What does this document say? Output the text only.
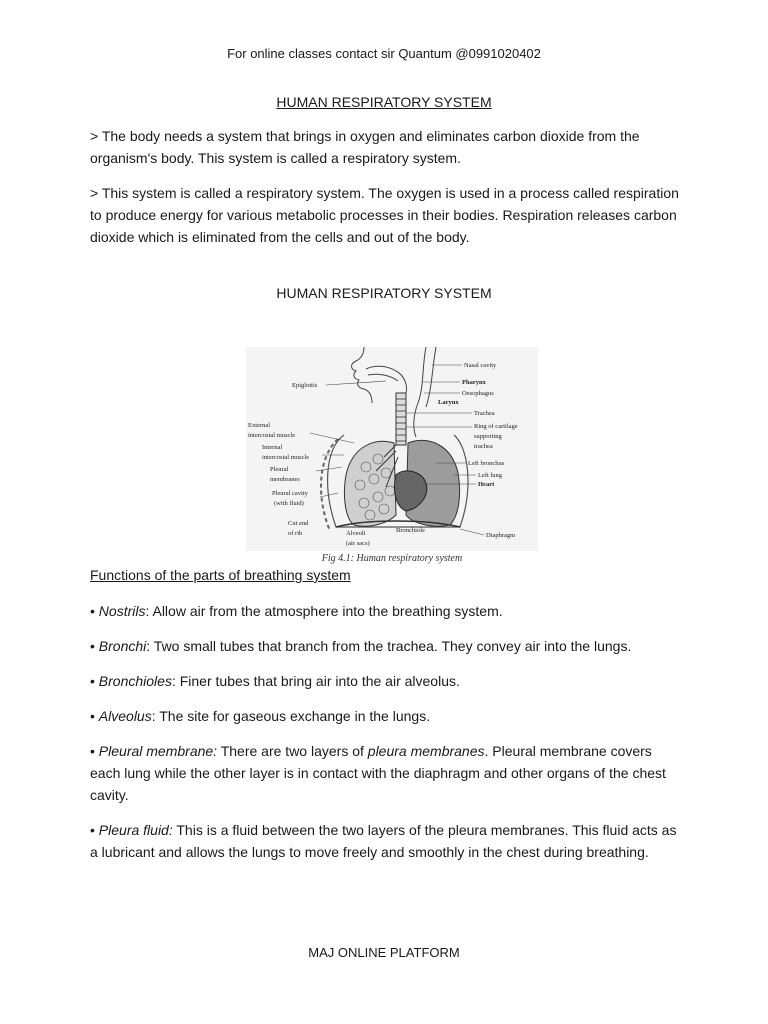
For online classes contact sir Quantum @0991020402
HUMAN RESPIRATORY SYSTEM

> The body needs a system that brings in oxygen and eliminates carbon dioxide from the organism's body. This system is called a respiratory system.

> This system is called a respiratory system. The oxygen is used in a process called respiration to produce energy for various metabolic processes in their bodies. Respiration releases carbon dioxide which is eliminated from the cells and out of the body.

HUMAN RESPIRATORY SYSTEM
Nasal cavity
Pharynx
Oesophagus
Larynx
Trachea
Ring of cartilage
supporting
trachea
Left bronchus
Left lung
Heart
Diaphragm
Epiglottis
External
intercostal muscle
Internal
intercostal muscle
Pleural
membranes
Pleural cavity
(with fluid)
Cut end
of rib	Alveoli
(air sacs)
Bronchiole
Fig 4.1: Human respiratory system
Functions of the parts of breathing system

• Nostrils: Allow air from the atmosphere into the breathing system.

• Bronchi: Two small tubes that branch from the trachea. They convey air into the lungs.

• Bronchioles: Finer tubes that bring air into the air alveolus.

• Alveolus: The site for gaseous exchange in the lungs.

• Pleural membrane: There are two layers of pleura membranes. Pleural membrane covers each lung while the other layer is in contact with the diaphragm and other organs of the chest cavity.

• Pleura fluid: This is a fluid between the two layers of the pleura membranes. This fluid acts as a lubricant and allows the lungs to move freely and smoothly in the chest during breathing.

MAJ ONLINE PLATFORM
